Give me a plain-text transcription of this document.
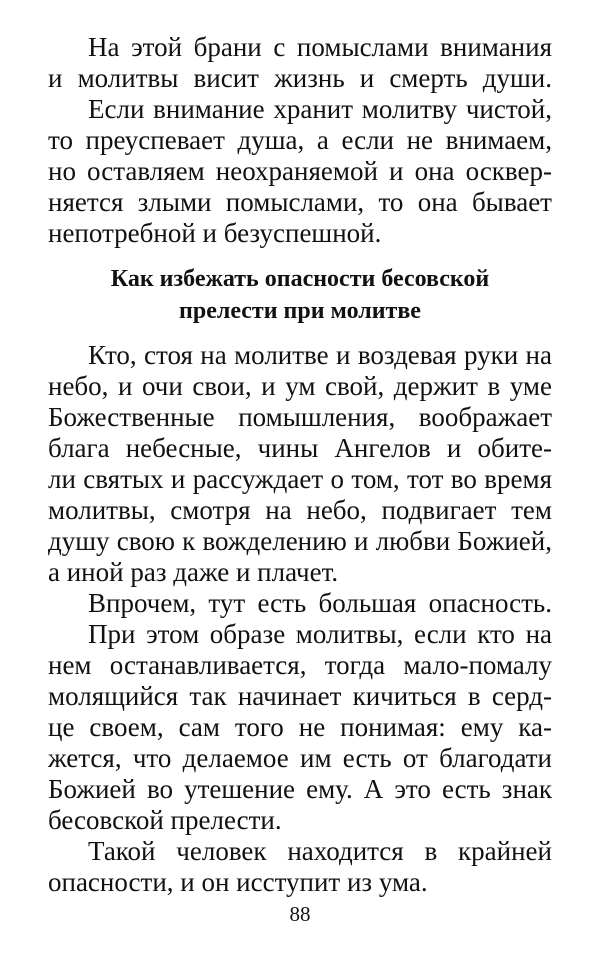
На этой брани с помыслами внимания
и молитвы висит жизнь и смерть души.
Если внимание хранит молитву чистой,
то преуспевает душа, а если не внимаем,
но оставляем неохраняемой и она осквер-
няется злыми помыслами, то она бывает
непотребной и безуспешной.
Как избежать опасности бесовской
прелести при молитве
Кто, стоя на молитве и воздевая руки на
небо, и очи свои, и ум свой, держит в уме
Божественные помышления, воображает
блага небесные, чины Ангелов и обите-
ли святых и рассуждает о том, тот во время
молитвы, смотря на небо, подвигает тем
душу свою к вожделению и любви Божией,
а иной раз даже и плачет.
Впрочем, тут есть большая опасность.
При этом образе молитвы, если кто на
нем останавливается, тогда мало-помалу
молящийся так начинает кичиться в серд-
це своем, сам того не понимая: ему ка-
жется, что делаемое им есть от благодати
Божией во утешение ему. А это есть знак
бесовской прелести.
Такой человек находится в крайней
опасности, и он исступит из ума.
88
